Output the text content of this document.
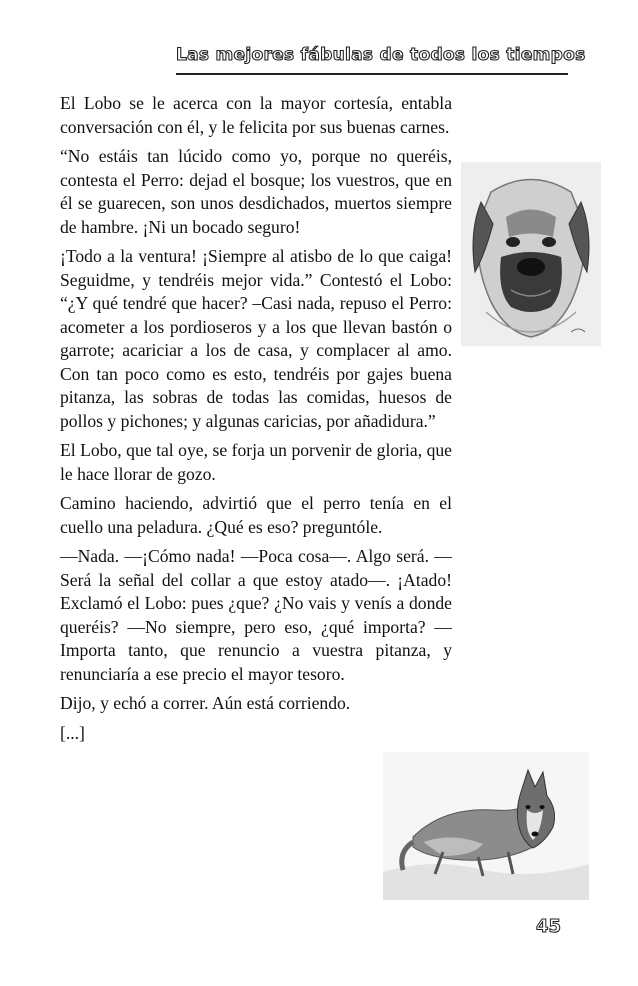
Las mejores fábulas de todos los tiempos

El Lobo se le acerca con la mayor cortesía, entabla conversación con él, y le felicita por sus buenas carnes.

“No estáis tan lúcido como yo, porque no queréis, contesta el Perro: dejad el bosque; los vuestros, que en él se guarecen, son unos desdichados, muertos siempre de hambre. ¡Ni un bocado seguro!

¡Todo a la ventura! ¡Siempre al atisbo de lo que caiga! Seguidme, y tendréis mejor vida.” Contestó el Lobo: “¿Y qué tendré que hacer? –Casi nada, repuso el Perro: acometer a los pordioseros y a los que llevan bastón o garrote; acariciar a los de casa, y complacer al amo. Con tan poco como es esto, tendréis por gajes buena pitanza, las sobras de todas las comidas, huesos de pollos y pichones; y algunas caricias, por añadidura.”

El Lobo, que tal oye, se forja un porvenir de gloria, que le hace llorar de gozo.

Camino haciendo, advirtió que el perro tenía en el cuello una peladura. ¿Qué es eso? preguntóle.

—Nada. —¡Cómo nada! —Poca cosa—. Algo será. —Será la señal del collar a que estoy atado—. ¡Atado! Exclamó el Lobo: pues ¿que? ¿No vais y venís a donde queréis? —No siempre, pero eso, ¿qué importa? —Importa tanto, que renuncio a vuestra pitanza, y renunciaría a ese precio el mayor tesoro.

Dijo, y echó a correr. Aún está corriendo.

[...]

45
